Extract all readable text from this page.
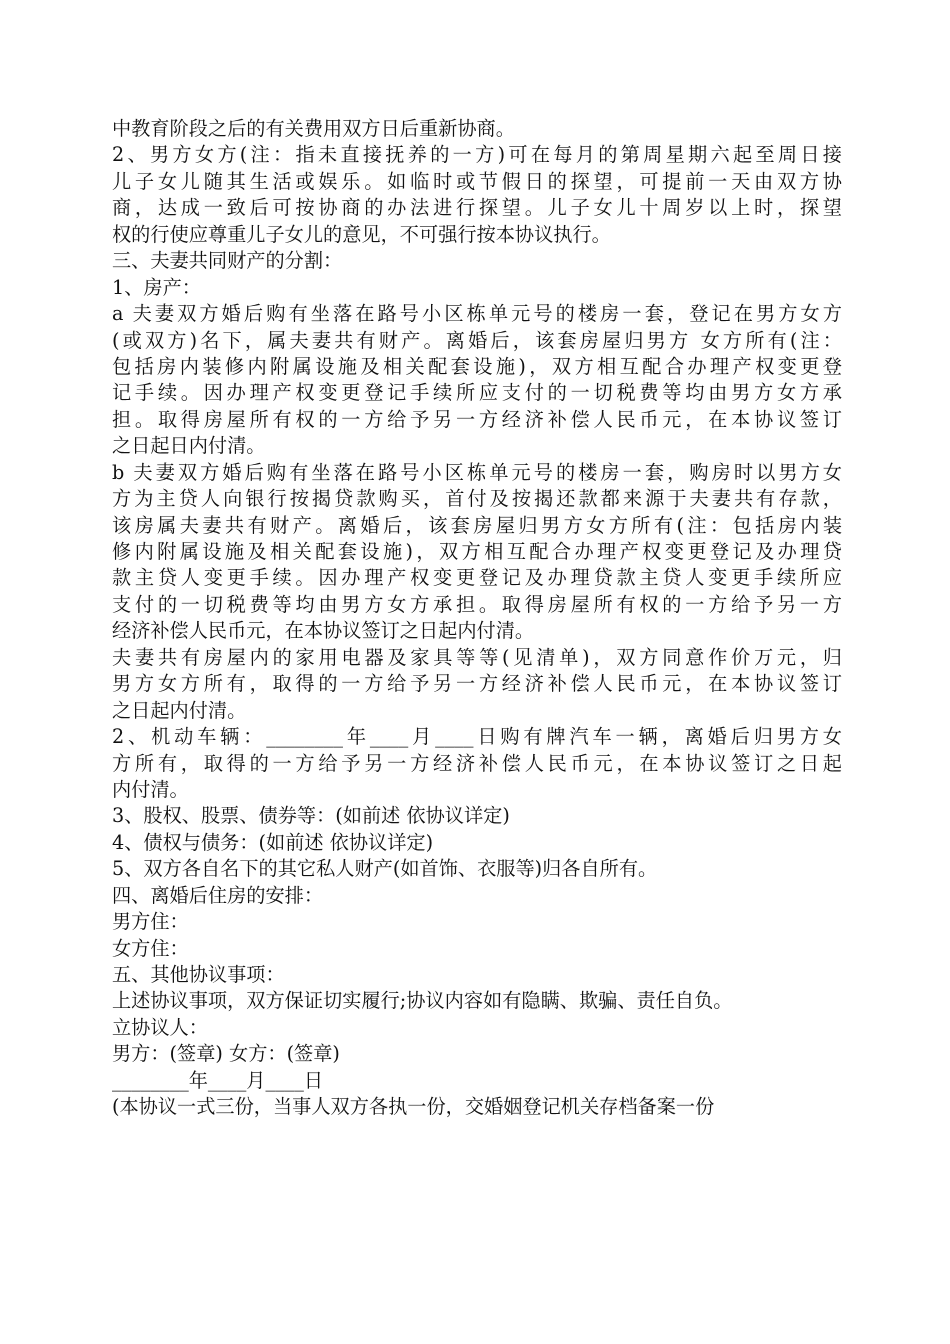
中教育阶段之后的有关费用双方日后重新协商。
2、男方女方(注：指未直接抚养的一方)可在每月的第周星期六起至周日接
儿子女儿随其生活或娱乐。如临时或节假日的探望，可提前一天由双方协
商，达成一致后可按协商的办法进行探望。儿子女儿十周岁以上时，探望
权的行使应尊重儿子女儿的意见，不可强行按本协议执行。
三、夫妻共同财产的分割：
1、房产：
a 夫妻双方婚后购有坐落在路号小区栋单元号的楼房一套，登记在男方女方
(或双方)名下，属夫妻共有财产。离婚后，该套房屋归男方 女方所有(注：
包括房内装修内附属设施及相关配套设施)，双方相互配合办理产权变更登
记手续。因办理产权变更登记手续所应支付的一切税费等均由男方女方承
担。取得房屋所有权的一方给予另一方经济补偿人民币元，在本协议签订
之日起日内付清。
b 夫妻双方婚后购有坐落在路号小区栋单元号的楼房一套，购房时以男方女
方为主贷人向银行按揭贷款购买，首付及按揭还款都来源于夫妻共有存款，
该房属夫妻共有财产。离婚后，该套房屋归男方女方所有(注：包括房内装
修内附属设施及相关配套设施)，双方相互配合办理产权变更登记及办理贷
款主贷人变更手续。因办理产权变更登记及办理贷款主贷人变更手续所应
支付的一切税费等均由男方女方承担。取得房屋所有权的一方给予另一方
经济补偿人民币元，在本协议签订之日起内付清。
夫妻共有房屋内的家用电器及家具等等(见清单)，双方同意作价万元，归
男方女方所有，取得的一方给予另一方经济补偿人民币元，在本协议签订
之日起内付清。
2、机动车辆：________年____月____日购有牌汽车一辆，离婚后归男方女
方所有，取得的一方给予另一方经济补偿人民币元，在本协议签订之日起
内付清。
3、股权、股票、债券等：(如前述 依协议详定)
4、债权与债务：(如前述 依协议详定)
5、双方各自名下的其它私人财产(如首饰、衣服等)归各自所有。
四、离婚后住房的安排：
男方住：
女方住：
五、其他协议事项：
上述协议事项，双方保证切实履行;协议内容如有隐瞒、欺骗、责任自负。
立协议人：
男方：(签章) 女方：(签章)
________年____月____日
(本协议一式三份，当事人双方各执一份，交婚姻登记机关存档备案一份
